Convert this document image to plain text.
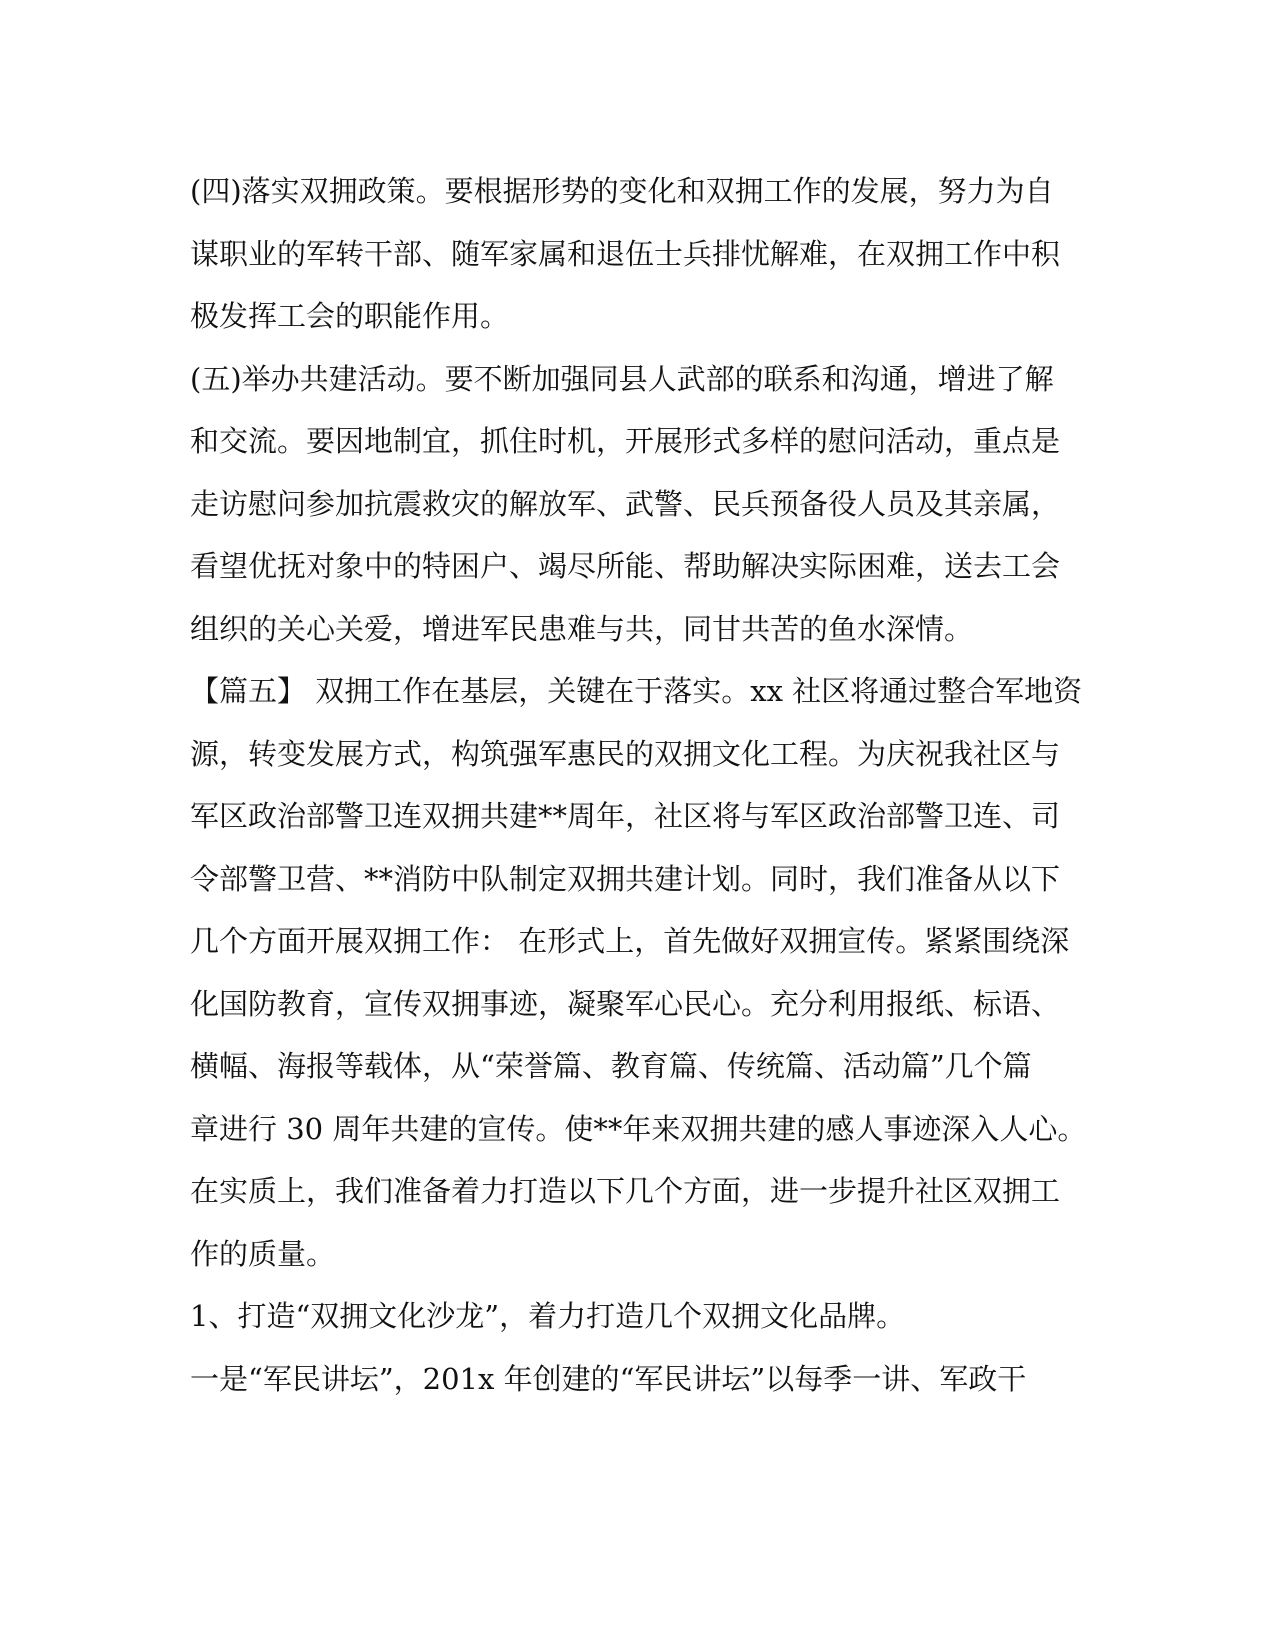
(四)落实双拥政策。要根据形势的变化和双拥工作的发展，努力为自
谋职业的军转干部、随军家属和退伍士兵排忧解难，在双拥工作中积
极发挥工会的职能作用。
(五)举办共建活动。要不断加强同县人武部的联系和沟通，增进了解
和交流。要因地制宜，抓住时机，开展形式多样的慰问活动，重点是
走访慰问参加抗震救灾的解放军、武警、民兵预备役人员及其亲属，
看望优抚对象中的特困户、竭尽所能、帮助解决实际困难，送去工会
组织的关心关爱，增进军民患难与共，同甘共苦的鱼水深情。
【篇五】 双拥工作在基层，关键在于落实。xx 社区将通过整合军地资
源，转变发展方式，构筑强军惠民的双拥文化工程。为庆祝我社区与
军区政治部警卫连双拥共建**周年，社区将与军区政治部警卫连、司
令部警卫营、**消防中队制定双拥共建计划。同时，我们准备从以下
几个方面开展双拥工作： 在形式上，首先做好双拥宣传。紧紧围绕深
化国防教育，宣传双拥事迹，凝聚军心民心。充分利用报纸、标语、
横幅、海报等载体，从“荣誉篇、教育篇、传统篇、活动篇”几个篇
章进行 30 周年共建的宣传。使**年来双拥共建的感人事迹深入人心。
在实质上，我们准备着力打造以下几个方面，进一步提升社区双拥工
作的质量。
1、打造“双拥文化沙龙”，着力打造几个双拥文化品牌。
一是“军民讲坛”，201x 年创建的“军民讲坛”以每季一讲、军政干
